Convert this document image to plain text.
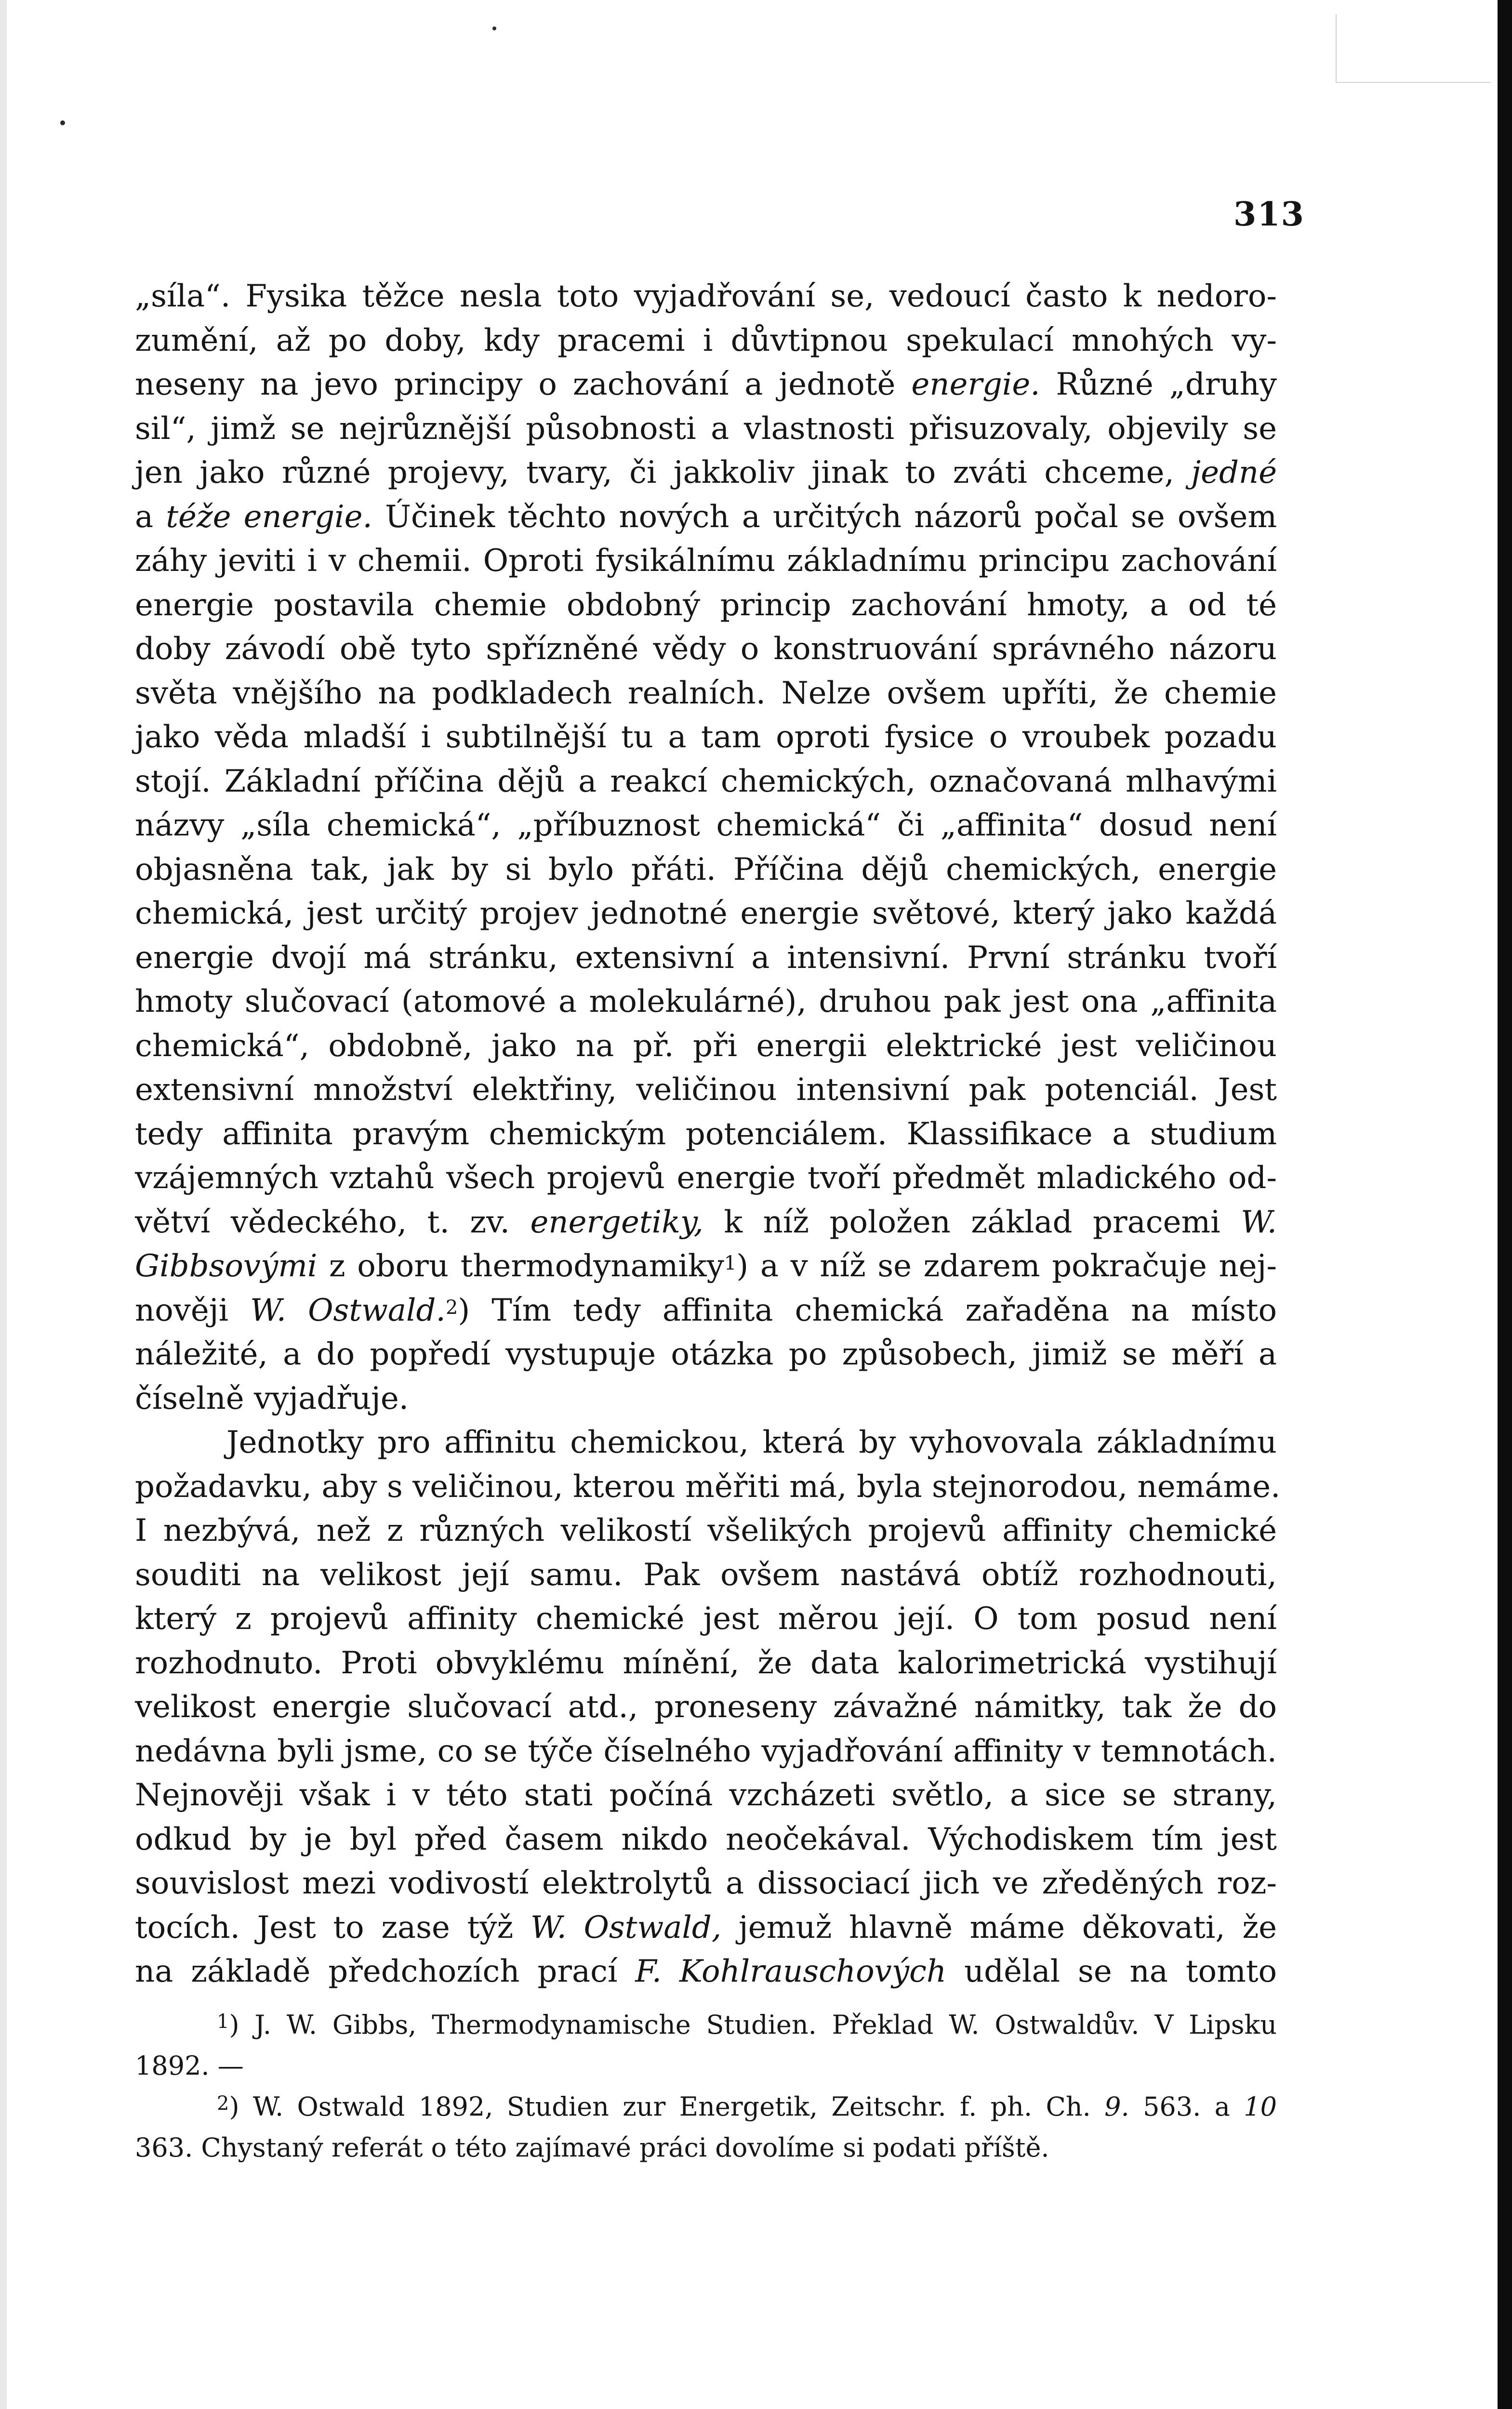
313
„síla“. Fysika těžce nesla toto vyjadřování se, vedoucí často k nedoro-
zumění, až po doby, kdy pracemi i důvtipnou spekulací mnohých vy-
neseny na jevo principy o zachování a jednotě energie. Různé „druhy
sil“, jimž se nejrůznější působnosti a vlastnosti přisuzovaly, objevily se
jen jako různé projevy, tvary, či jakkoliv jinak to zváti chceme, jedné
a téže energie. Účinek těchto nových a určitých názorů počal se ovšem
záhy jeviti i v chemii. Oproti fysikálnímu základnímu principu zachování
energie postavila chemie obdobný princip zachování hmoty, a od té
doby závodí obě tyto spřízněné vědy o konstruování správného názoru
světa vnějšího na podkladech realních. Nelze ovšem upříti, že chemie
jako věda mladší i subtilnější tu a tam oproti fysice o vroubek pozadu
stojí. Základní příčina dějů a reakcí chemických, označovaná mlhavými
názvy „síla chemická“, „příbuznost chemická“ či „affinita“ dosud není
objasněna tak, jak by si bylo přáti. Příčina dějů chemických, energie
chemická, jest určitý projev jednotné energie světové, který jako každá
energie dvojí má stránku, extensivní a intensivní. První stránku tvoří
hmoty slučovací (atomové a molekulárné), druhou pak jest ona „affinita
chemická“, obdobně, jako na př. při energii elektrické jest veličinou
extensivní množství elektřiny, veličinou intensivní pak potenciál. Jest
tedy affinita pravým chemickým potenciálem. Klassifikace a studium
vzájemných vztahů všech projevů energie tvoří předmět mladického od-
větví vědeckého, t. zv. energetiky, k níž položen základ pracemi W.
Gibbsovými z oboru thermodynamiky$^1$) a v níž se zdarem pokračuje nej-
nověji W. Ostwald.$^2$) Tím tedy affinita chemická zařaděna na místo
náležité, a do popředí vystupuje otázka po způsobech, jimiž se měří a
číselně vyjadřuje.
Jednotky pro affinitu chemickou, která by vyhovovala základnímu
požadavku, aby s veličinou, kterou měřiti má, byla stejnorodou, nemáme.
I nezbývá, než z různých velikostí všelikých projevů affinity chemické
souditi na velikost její samu. Pak ovšem nastává obtíž rozhodnouti,
který z projevů affinity chemické jest měrou její. O tom posud není
rozhodnuto. Proti obvyklému mínění, že data kalorimetrická vystihují
velikost energie slučovací atd., proneseny závažné námitky, tak že do
nedávna byli jsme, co se týče číselného vyjadřování affinity v temnotách.
Nejnověji však i v této stati počíná vzcházeti světlo, a sice se strany,
odkud by je byl před časem nikdo neočekával. Východiskem tím jest
souvislost mezi vodivostí elektrolytů a dissociací jich ve zředěných roz-
tocích. Jest to zase týž W. Ostwald, jemuž hlavně máme děkovati, že
na základě předchozích prací F. Kohlrauschových udělal se na tomto
$^1$) J. W. Gibbs, Thermodynamische Studien. Překlad W. Ostwaldův. V Lipsku
1892. —
$^2$) W. Ostwald 1892, Studien zur Energetik, Zeitschr. f. ph. Ch. 9. 563. a 10
363. Chystaný referát o této zajímavé práci dovolíme si podati příště.
